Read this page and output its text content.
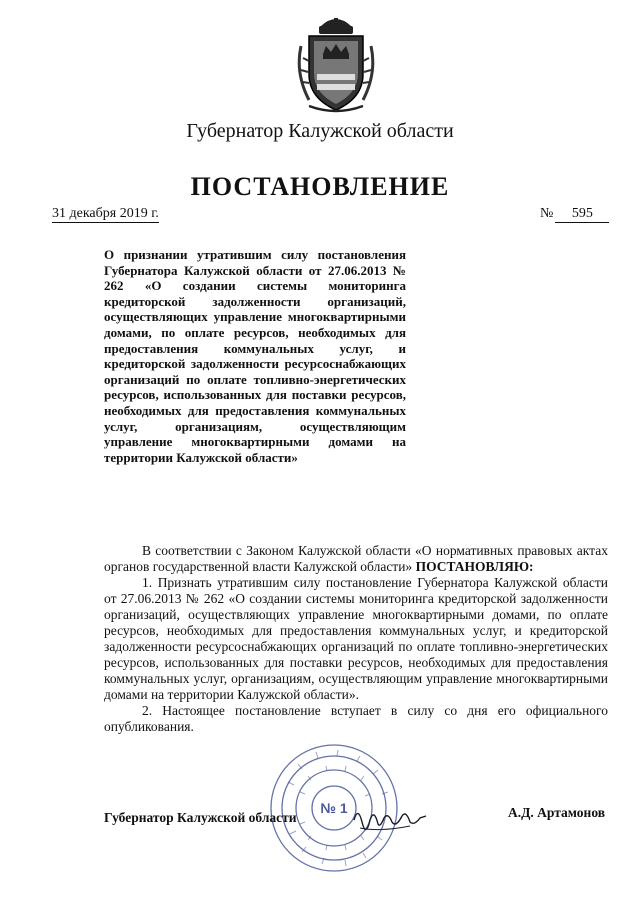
Губернатор Калужской области
ПОСТАНОВЛЕНИЕ
31 декабря 2019 г.	№ 595

О признании утратившим силу постановления Губернатора Калужской области от 27.06.2013 № 262 «О создании системы мониторинга кредиторской задолженности организаций, осуществляющих управление многоквартирными домами, по оплате ресурсов, необходимых для предоставления коммунальных услуг, и кредиторской задолженности ресурсоснабжающих организаций по оплате топливно-энергетических ресурсов, использованных для поставки ресурсов, необходимых для предоставления коммунальных услуг, организациям, осуществляющим управление многоквартирными домами на территории Калужской области»

В соответствии с Законом Калужской области «О нормативных правовых актах органов государственной власти Калужской области» ПОСТАНОВЛЯЮ:

1. Признать утратившим силу постановление Губернатора Калужской области от 27.06.2013 № 262 «О создании системы мониторинга кредиторской задолженности организаций, осуществляющих управление многоквартирными домами, по оплате ресурсов, необходимых для предоставления коммунальных услуг, и кредиторской задолженности ресурсоснабжающих организаций по оплате топливно-энергетических ресурсов, использованных для поставки ресурсов, необходимых для предоставления коммунальных услуг, организациям, осуществляющим управление многоквартирными домами на территории Калужской области».

2. Настоящее постановление вступает в силу со дня его официального опубликования.

№ 1
Губернатор Калужской области	А.Д. Артамонов
